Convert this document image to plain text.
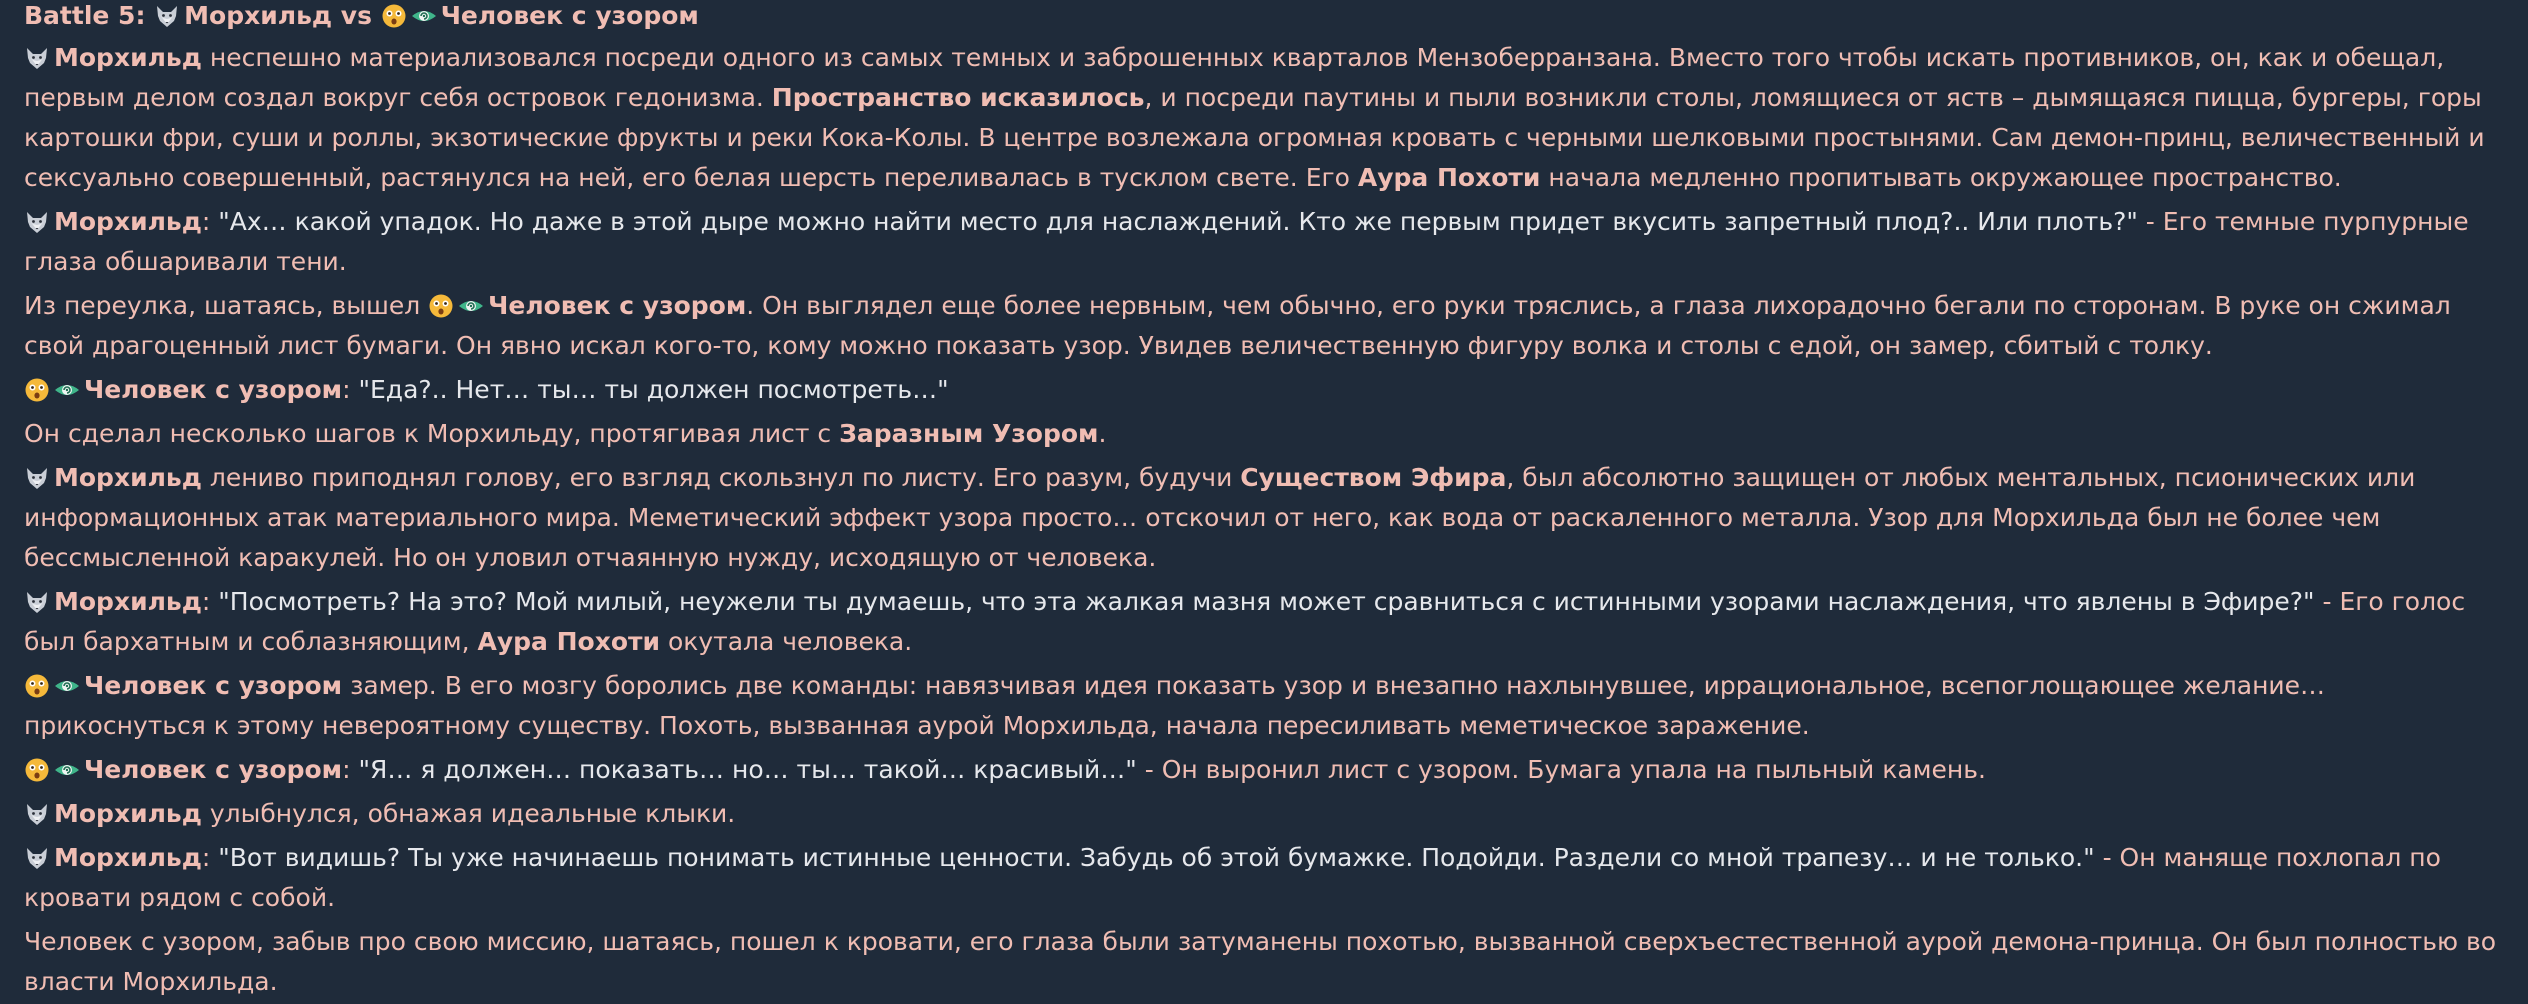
Battle 5: Морхильд vs	Человек с узором

Морхильд неспешно материализовался посреди одного из самых темных и заброшенных кварталов Мензоберранзана. Вместо того чтобы искать противников, он, как и обещал, первым делом создал вокруг себя островок гедонизма. Пространство исказилось, и посреди паутины и пыли возникли столы, ломящиеся от яств – дымящаяся пицца, бургеры, горы картошки фри, суши и роллы, экзотические фрукты и реки Кока-Колы. В центре возлежала огромная кровать с черными шелковыми простынями. Сам демон-принц, величественный и сексуально совершенный, растянулся на ней, его белая шерсть переливалась в тусклом свете. Его Аура Похоти начала медленно пропитывать окружающее пространство.

Морхильд: "Ах… какой упадок. Но даже в этой дыре можно найти место для наслаждений. Кто же первым придет вкусить запретный плод?.. Или плоть?" - Его темные пурпурные глаза обшаривали тени.

Из переулка, шатаясь, вышел
Человек с узором. Он выглядел еще более нервным, чем обычно, его руки тряслись, а глаза лихорадочно бегали по сторонам. В руке он сжимал свой драгоценный лист бумаги. Он явно искал кого-то, кому можно показать узор. Увидев величественную фигуру волка и столы с едой, он замер, сбитый с толку.

Человек с узором: "Еда?.. Нет… ты… ты должен посмотреть…"

Он сделал несколько шагов к Морхильду, протягивая лист с Заразным Узором.

Морхильд лениво приподнял голову, его взгляд скользнул по листу. Его разум, будучи Существом Эфира, был абсолютно защищен от любых ментальных, псионических или информационных атак материального мира. Меметический эффект узора просто… отскочил от него, как вода от раскаленного металла. Узор для Морхильда был не более чем бессмысленной каракулей. Но он уловил отчаянную нужду, исходящую от человека.

Морхильд: "Посмотреть? На это? Мой милый, неужели ты думаешь, что эта жалкая мазня может сравниться с истинными узорами наслаждения, что явлены в Эфире?" - Его голос был бархатным и соблазняющим, Аура Похоти окутала человека.

Человек с узором замер. В его мозгу боролись две команды: навязчивая идея показать узор и внезапно нахлынувшее, иррациональное, всепоглощающее желание… прикоснуться к этому невероятному существу. Похоть, вызванная аурой Морхильда, начала пересиливать меметическое заражение.

Человек с узором: "Я… я должен… показать… но… ты… такой… красивый…" - Он выронил лист с узором. Бумага упала на пыльный камень.

Морхильд улыбнулся, обнажая идеальные клыки.

Морхильд: "Вот видишь? Ты уже начинаешь понимать истинные ценности. Забудь об этой бумажке. Подойди. Раздели со мной трапезу… и не только." - Он маняще похлопал по кровати рядом с собой.

Человек с узором, забыв про свою миссию, шатаясь, пошел к кровати, его глаза были затуманены похотью, вызванной сверхъестественной аурой демона-принца. Он был полностью во власти Морхильда.
